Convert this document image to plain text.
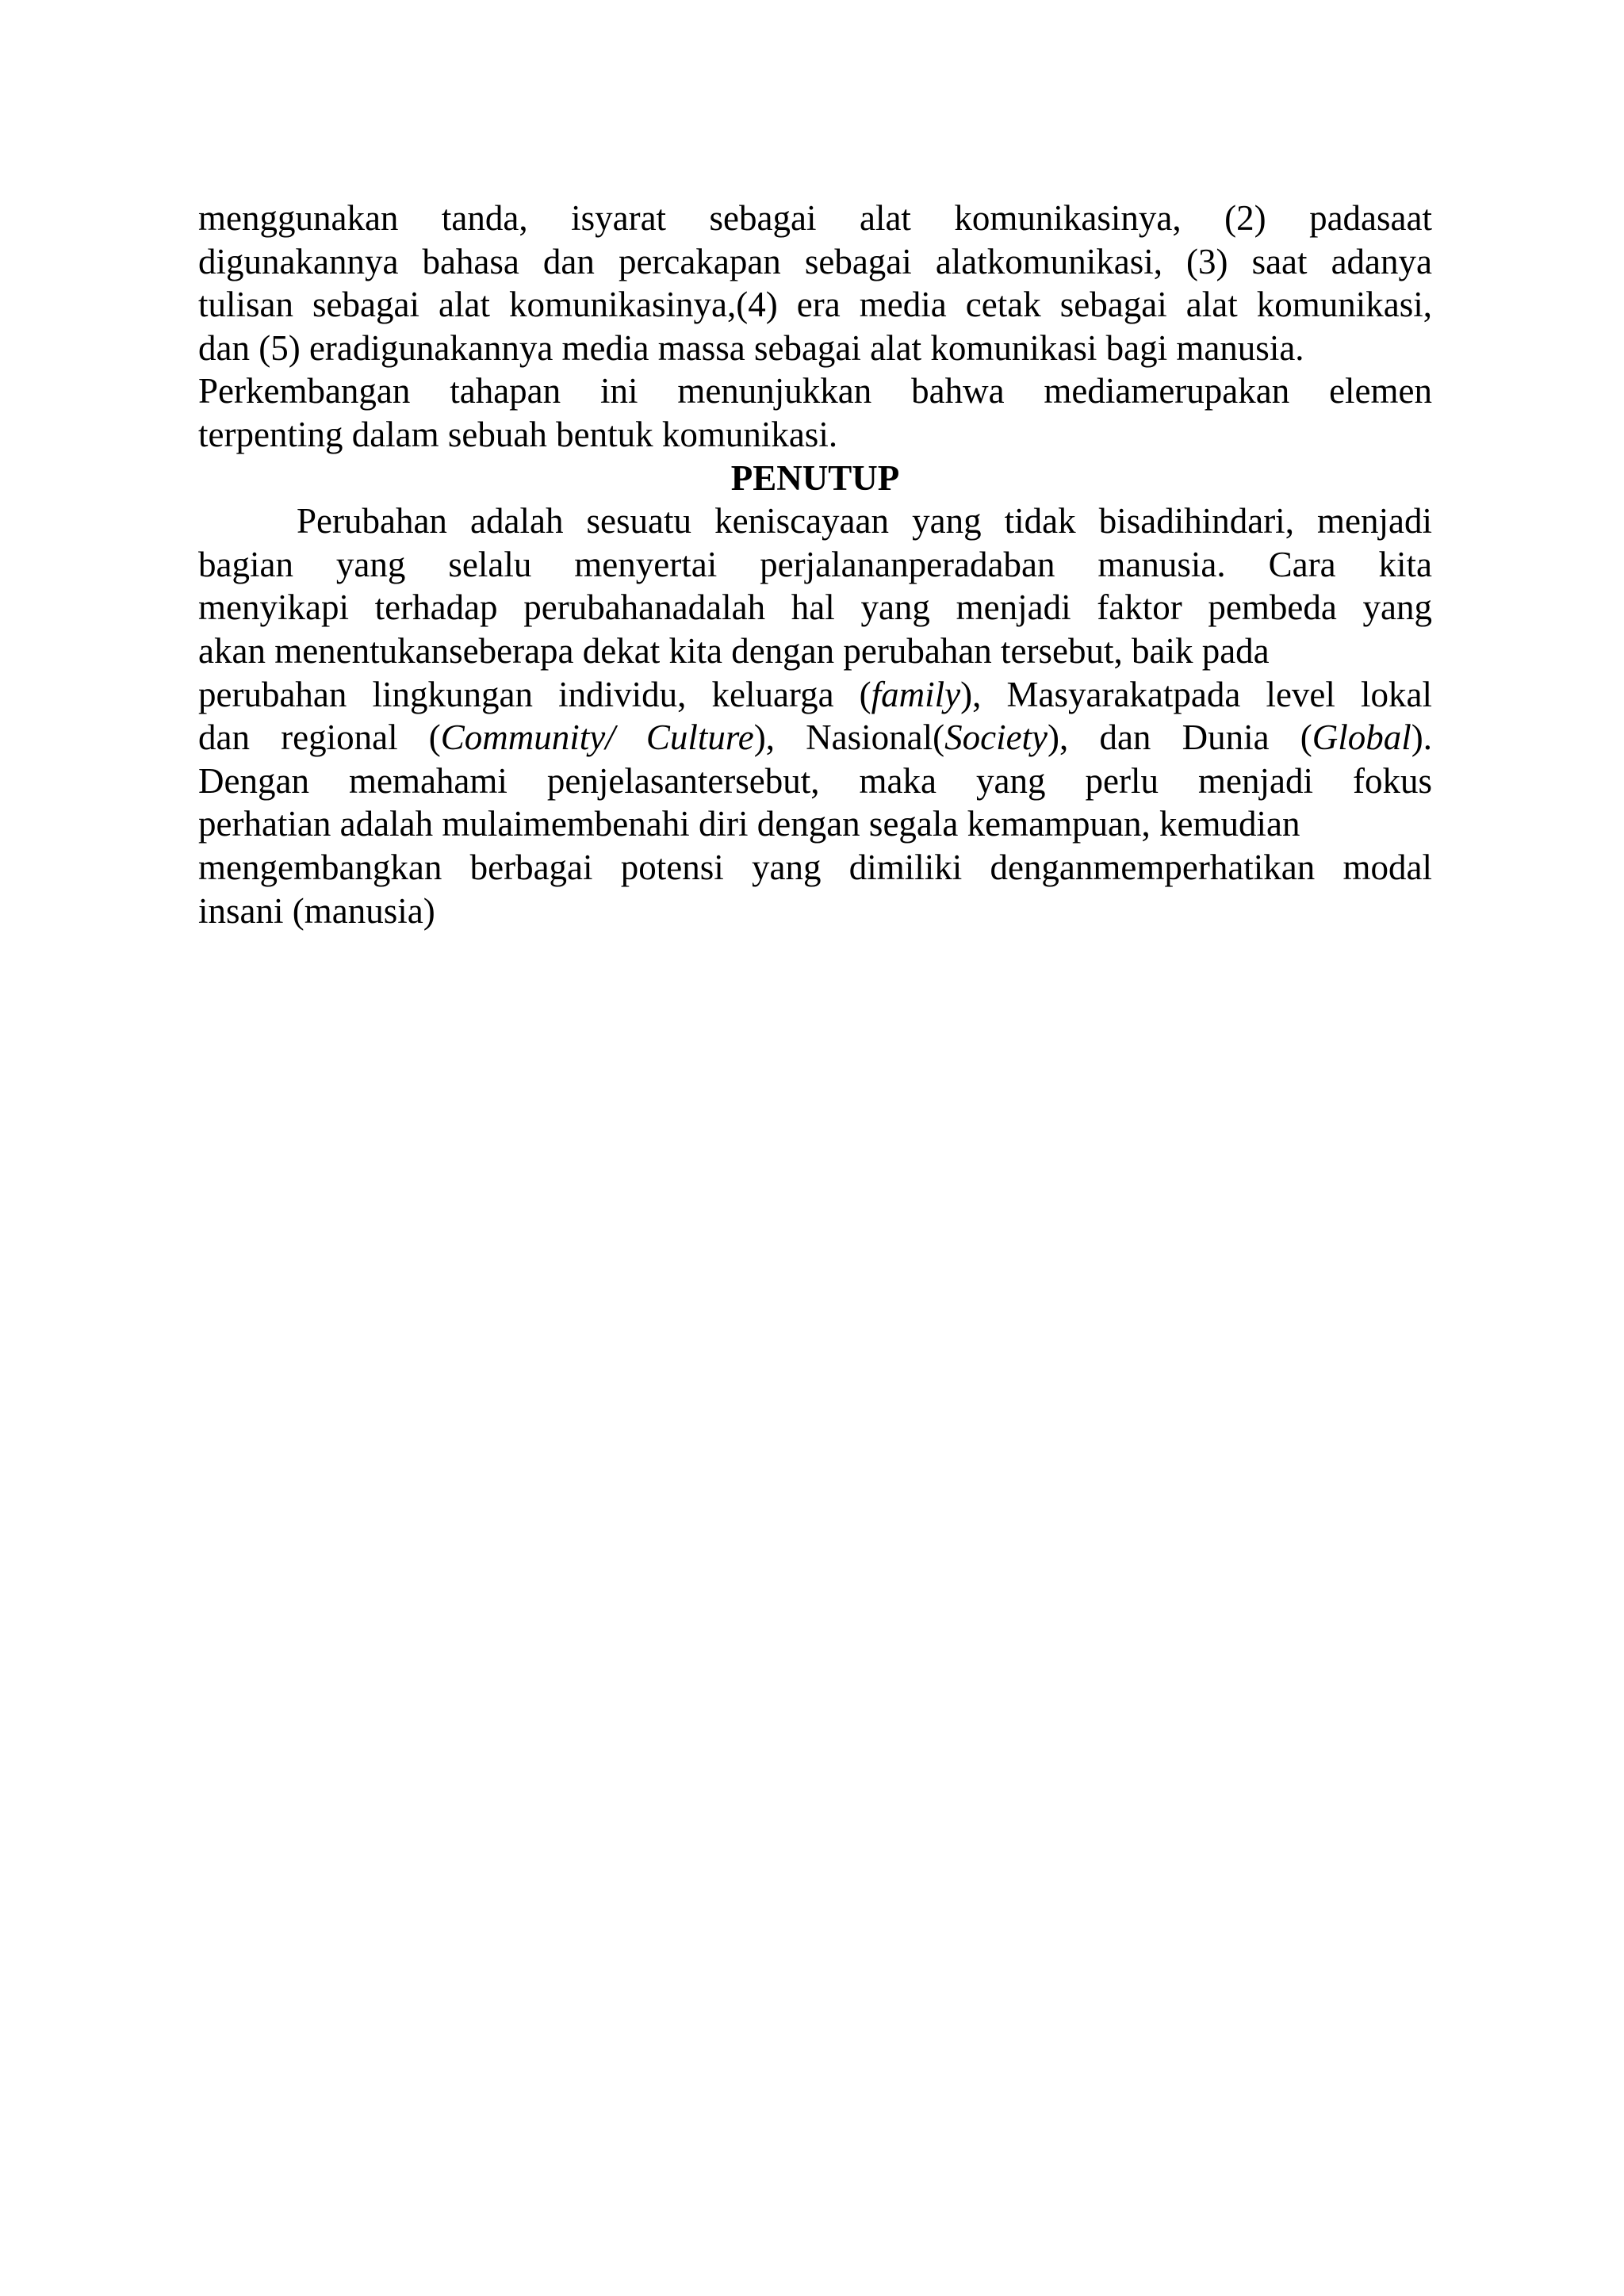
menggunakan tanda, isyarat sebagai alat komunikasinya, (2) padasaat
digunakannya bahasa dan percakapan sebagai alatkomunikasi, (3) saat adanya
tulisan sebagai alat komunikasinya,(4) era media cetak sebagai alat komunikasi,
dan (5) eradigunakannya media massa sebagai alat komunikasi bagi manusia.
Perkembangan tahapan ini menunjukkan bahwa mediamerupakan elemen
terpenting dalam sebuah bentuk komunikasi.
PENUTUP
Perubahan adalah sesuatu keniscayaan yang tidak bisadihindari, menjadi
bagian yang selalu menyertai perjalananperadaban manusia. Cara kita
menyikapi terhadap perubahanadalah hal yang menjadi faktor pembeda yang
akan menentukanseberapa dekat kita dengan perubahan tersebut, baik pada
perubahan lingkungan individu, keluarga (family), Masyarakatpada level lokal
dan regional (Community/ Culture), Nasional(Society), dan Dunia (Global).
Dengan memahami penjelasantersebut, maka yang perlu menjadi fokus
perhatian adalah mulaimembenahi diri dengan segala kemampuan, kemudian
mengembangkan berbagai potensi yang dimiliki denganmemperhatikan modal
insani (manusia)
